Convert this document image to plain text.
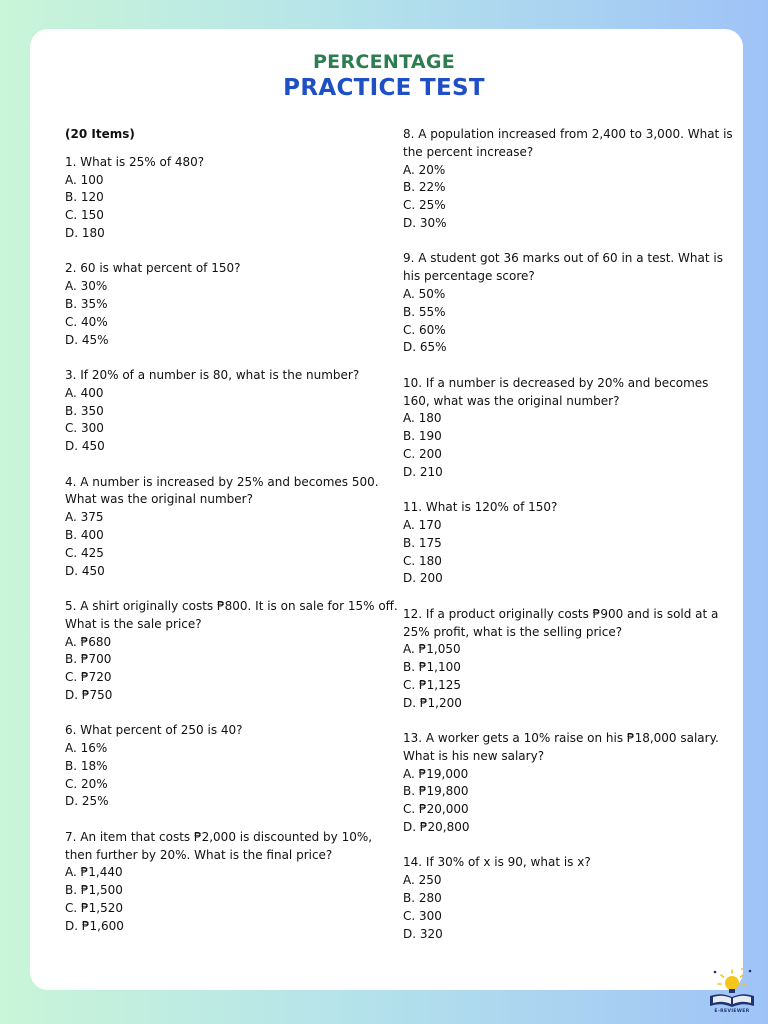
PERCENTAGE
PRACTICE TEST
(20 Items)
1. What is 25% of 480?
A. 100
B. 120
C. 150
D. 180
2. 60 is what percent of 150?
A. 30%
B. 35%
C. 40%
D. 45%
3. If 20% of a number is 80, what is the number?
A. 400
B. 350
C. 300
D. 450
4. A number is increased by 25% and becomes 500. What was the original number?
A. 375
B. 400
C. 425
D. 450
5. A shirt originally costs ₱800. It is on sale for 15% off. What is the sale price?
A. ₱680
B. ₱700
C. ₱720
D. ₱750
6. What percent of 250 is 40?
A. 16%
B. 18%
C. 20%
D. 25%
7. An item that costs ₱2,000 is discounted by 10%, then further by 20%. What is the final price?
A. ₱1,440
B. ₱1,500
C. ₱1,520
D. ₱1,600
8. A population increased from 2,400 to 3,000. What is the percent increase?
A. 20%
B. 22%
C. 25%
D. 30%
9. A student got 36 marks out of 60 in a test. What is his percentage score?
A. 50%
B. 55%
C. 60%
D. 65%
10. If a number is decreased by 20% and becomes 160, what was the original number?
A. 180
B. 190
C. 200
D. 210
11. What is 120% of 150?
A. 170
B. 175
C. 180
D. 200
12. If a product originally costs ₱900 and is sold at a 25% profit, what is the selling price?
A. ₱1,050
B. ₱1,100
C. ₱1,125
D. ₱1,200
13. A worker gets a 10% raise on his ₱18,000 salary. What is his new salary?
A. ₱19,000
B. ₱19,800
C. ₱20,000
D. ₱20,800
14. If 30% of x is 90, what is x?
A. 250
B. 280
C. 300
D. 320
E-REVIEWER
